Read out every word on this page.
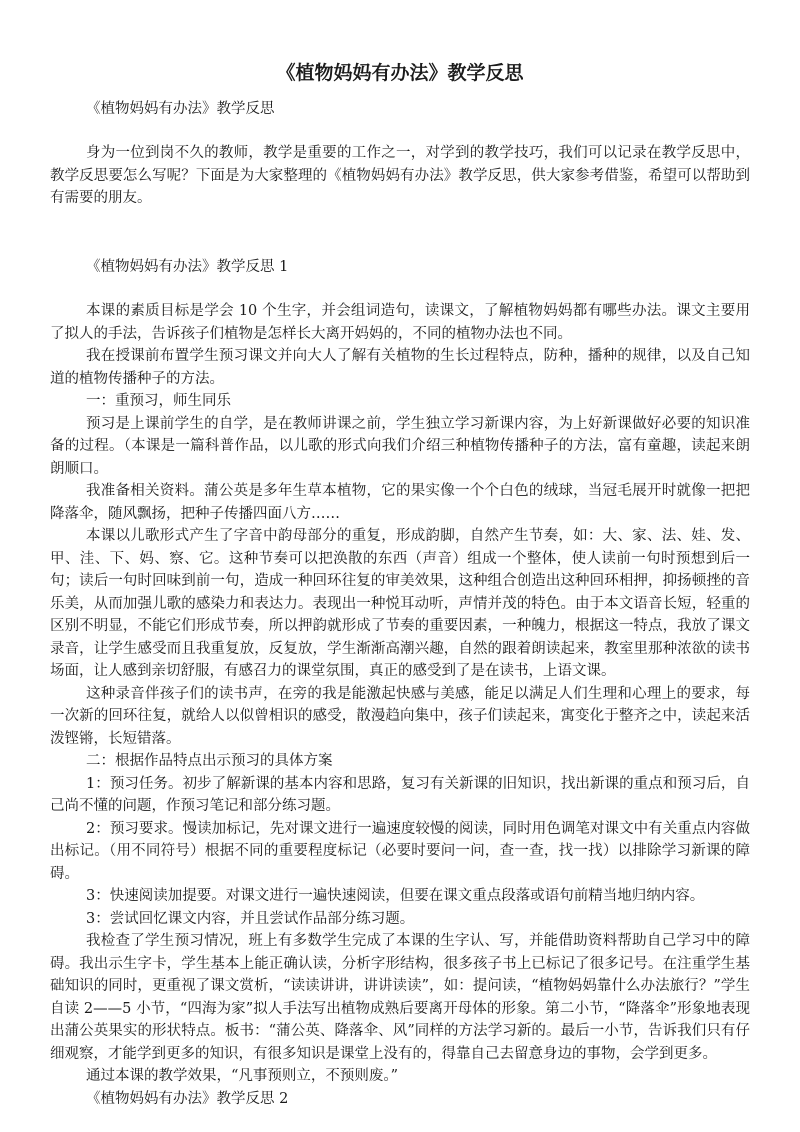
《植物妈妈有办法》教学反思
《植物妈妈有办法》教学反思

身为一位到岗不久的教师，教学是重要的工作之一，对学到的教学技巧，我们可以记录在教学反思中，教学反思要怎么写呢？下面是为大家整理的《植物妈妈有办法》教学反思，供大家参考借鉴，希望可以帮助到有需要的朋友。

《植物妈妈有办法》教学反思 1

本课的素质目标是学会 10 个生字，并会组词造句，读课文，了解植物妈妈都有哪些办法。课文主要用了拟人的手法，告诉孩子们植物是怎样长大离开妈妈的，不同的植物办法也不同。

我在授课前布置学生预习课文并向大人了解有关植物的生长过程特点，防种，播种的规律，以及自己知道的植物传播种子的方法。

一：重预习，师生同乐

预习是上课前学生的自学，是在教师讲课之前，学生独立学习新课内容，为上好新课做好必要的知识准备的过程。（本课是一篇科普作品，以儿歌的形式向我们介绍三种植物传播种子的方法，富有童趣，读起来朗朗顺口。

我准备相关资料。蒲公英是多年生草本植物，它的果实像一个个白色的绒球，当冠毛展开时就像一把把降落伞，随风飘扬，把种子传播四面八方……

本课以儿歌形式产生了字音中韵母部分的重复，形成韵脚，自然产生节奏，如：大、家、法、娃、发、甲、洼、下、妈、察、它。这种节奏可以把涣散的东西（声音）组成一个整体，使人读前一句时预想到后一句；读后一句时回味到前一句，造成一种回环往复的审美效果，这种组合创造出这种回环相押，抑扬顿挫的音乐美，从而加强儿歌的感染力和表达力。表现出一种悦耳动听，声情并茂的特色。由于本文语音长短，轻重的区别不明显，不能它们形成节奏，所以押韵就形成了节奏的重要因素，一种魄力，根据这一特点，我放了课文录音，让学生感受而且我重复放，反复放，学生渐渐高潮兴趣，自然的跟着朗读起来，教室里那种浓欲的读书场面，让人感到亲切舒服，有感召力的课堂氛围，真正的感受到了是在读书，上语文课。

这种录音伴孩子们的读书声，在旁的我是能激起快感与美感，能足以满足人们生理和心理上的要求，每一次新的回环往复，就给人以似曾相识的感受，散漫趋向集中，孩子们读起来，寓变化于整齐之中，读起来活泼铿锵，长短错落。

二：根据作品特点出示预习的具体方案

1：预习任务。初步了解新课的基本内容和思路，复习有关新课的旧知识，找出新课的重点和预习后，自己尚不懂的问题，作预习笔记和部分练习题。

2：预习要求。慢读加标记，先对课文进行一遍速度较慢的阅读，同时用色调笔对课文中有关重点内容做出标记。（用不同符号）根据不同的重要程度标记（必要时要问一问，查一查，找一找）以排除学习新课的障碍。

3：快速阅读加提要。对课文进行一遍快速阅读，但要在课文重点段落或语句前精当地归纳内容。

3：尝试回忆课文内容，并且尝试作品部分练习题。

我检查了学生预习情况，班上有多数学生完成了本课的生字认、写，并能借助资料帮助自己学习中的障碍。我出示生字卡，学生基本上能正确认读，分析字形结构，很多孩子书上已标记了很多记号。在注重学生基础知识的同时，更重视了课文赏析，“读读讲讲，讲讲读读”，如：提问读，“植物妈妈靠什么办法旅行？”学生自读 2——5 小节，“四海为家”拟人手法写出植物成熟后要离开母体的形象。第二小节，“降落伞”形象地表现出蒲公英果实的形状特点。板书：“蒲公英、降落伞、风”同样的方法学习新的。最后一小节，告诉我们只有仔细观察，才能学到更多的知识，有很多知识是课堂上没有的，得靠自己去留意身边的事物，会学到更多。

通过本课的教学效果，“凡事预则立，不预则废。”

《植物妈妈有办法》教学反思 2
